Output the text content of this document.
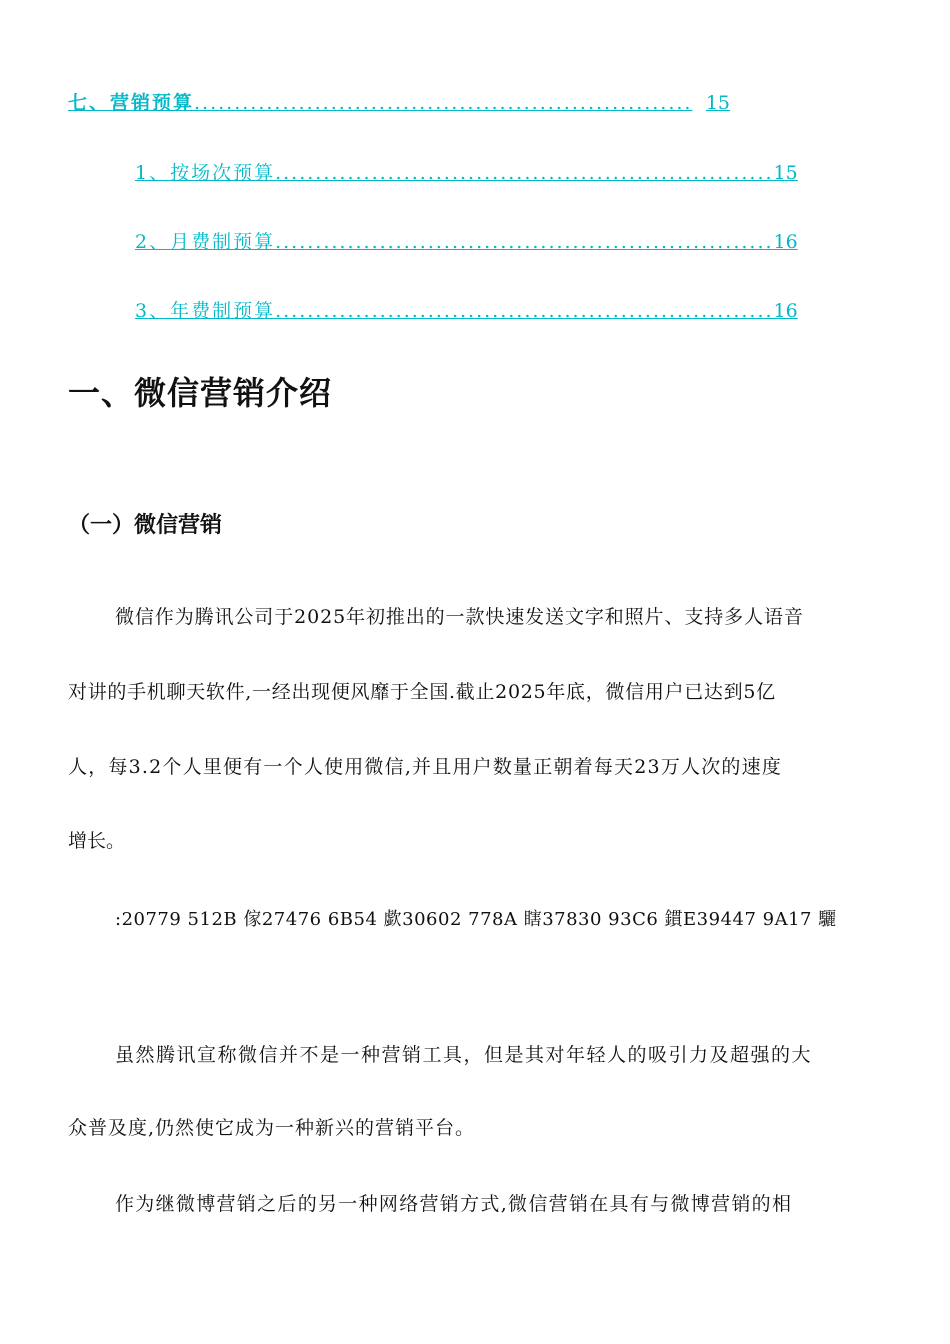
七、营销预算 .............................................................. 15
1、按场次预算 .............................................................. 15
2、月费制预算 .............................................................. 16
3、年费制预算 .............................................................. 16
一、微信营销介绍
（一）微信营销
微信作为腾讯公司于2025年初推出的一款快速发送文字和照片、支持多人语音
对讲的手机聊天软件,一经出现便风靡于全国.截止2025年底，微信用户已达到5亿
人，每3.2个人里便有一个人使用微信,并且用户数量正朝着每天23万人次的速度
增长。
:20779 512B 傢27476 6B54 歔30602 778A 瞎37830 93C6 鏆E39447 9A17 驪
虽然腾讯宣称微信并不是一种营销工具，但是其对年轻人的吸引力及超强的大
众普及度,仍然使它成为一种新兴的营销平台。
作为继微博营销之后的另一种网络营销方式,微信营销在具有与微博营销的相
